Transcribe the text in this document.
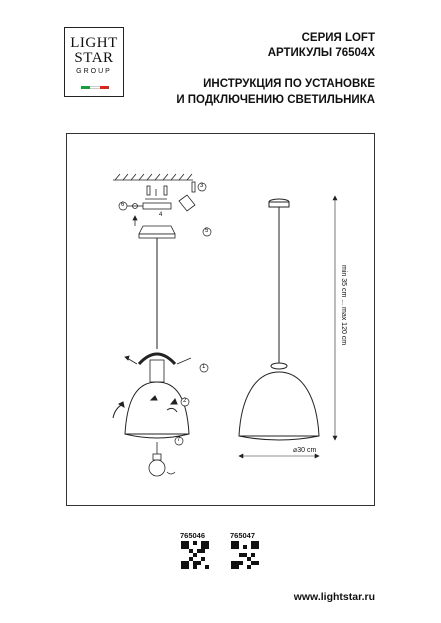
LIGHT
STAR
GROUP
СЕРИЯ LOFT
АРТИКУЛЫ 76504X
ИНСТРУКЦИЯ ПО УСТАНОВКЕ
И ПОДКЛЮЧЕНИЮ СВЕТИЛЬНИКА
1
2
7
5
6
3
4
⌀30 cm
min 35 cm ... max 120 cm
765046	765047
www.lightstar.ru
